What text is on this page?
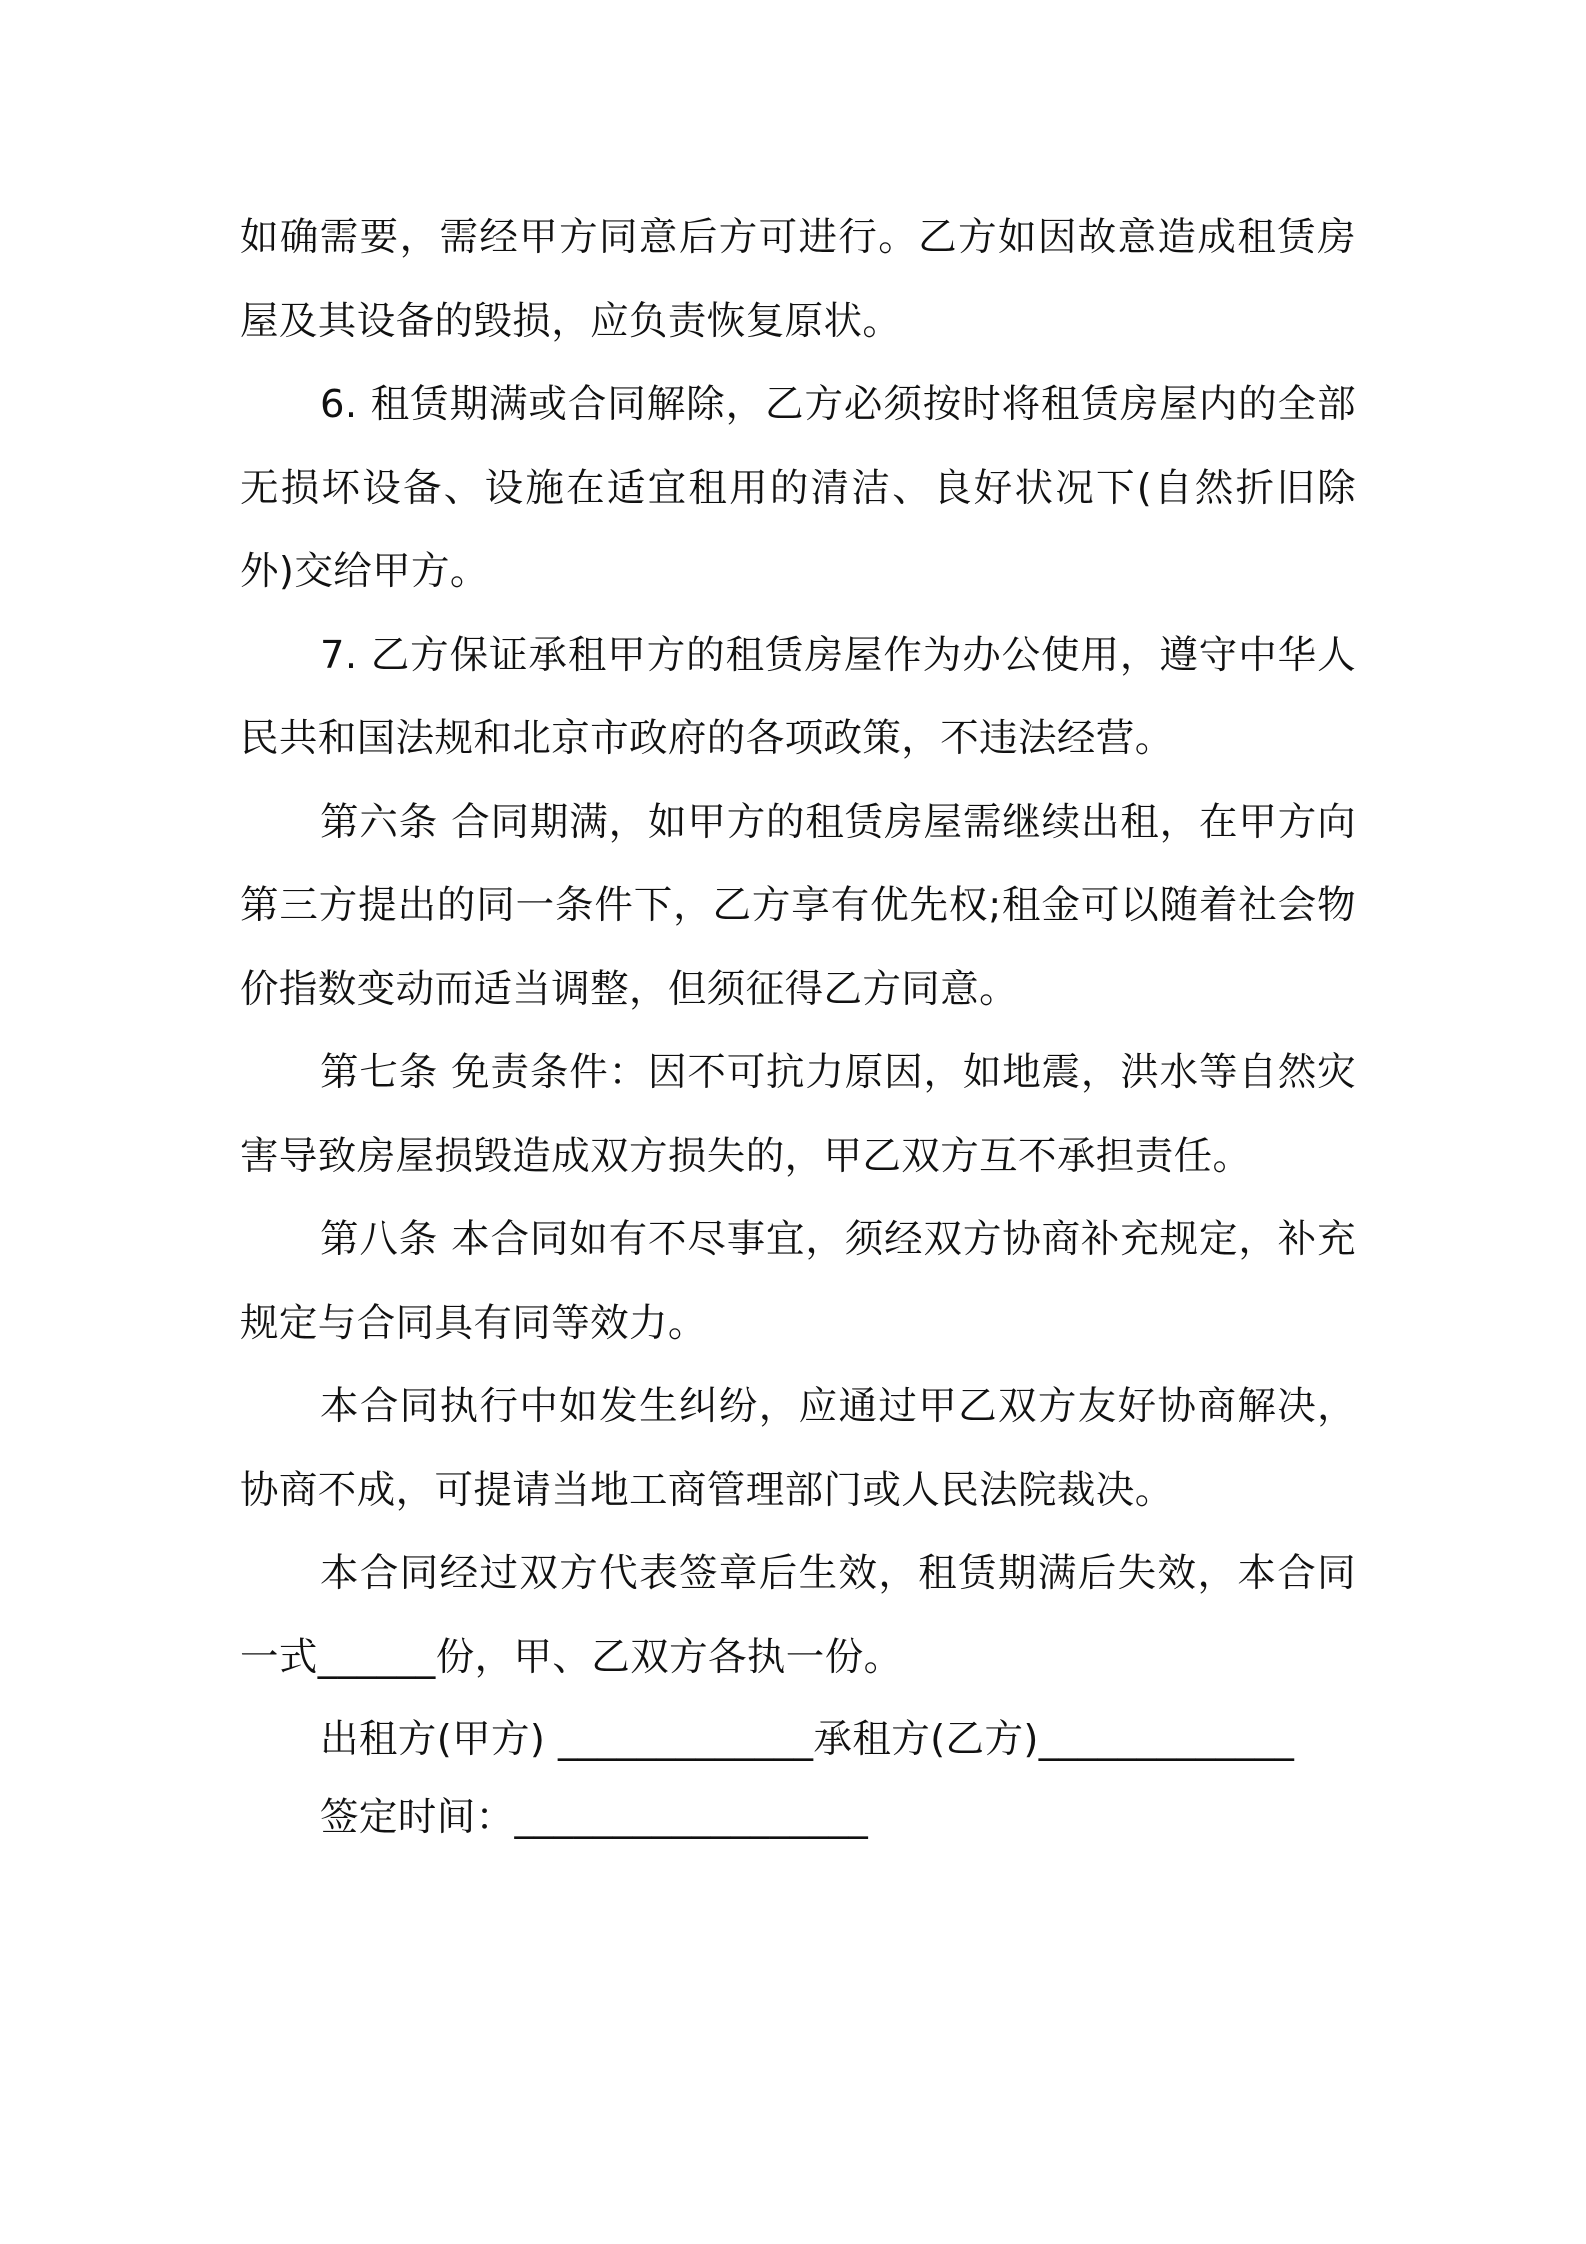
如确需要，需经甲方同意后方可进行。乙方如因故意造成租赁房屋及其设备的毁损，应负责恢复原状。

6. 租赁期满或合同解除，乙方必须按时将租赁房屋内的全部无损坏设备、设施在适宜租用的清洁、良好状况下(自然折旧除外)交给甲方。

7. 乙方保证承租甲方的租赁房屋作为办公使用，遵守中华人民共和国法规和北京市政府的各项政策，不违法经营。

第六条 合同期满，如甲方的租赁房屋需继续出租，在甲方向第三方提出的同一条件下，乙方享有优先权;租金可以随着社会物价指数变动而适当调整，但须征得乙方同意。

第七条 免责条件：因不可抗力原因，如地震，洪水等自然灾害导致房屋损毁造成双方损失的，甲乙双方互不承担责任。

第八条 本合同如有不尽事宜，须经双方协商补充规定，补充规定与合同具有同等效力。

本合同执行中如发生纠纷，应通过甲乙双方友好协商解决，协商不成，可提请当地工商管理部门或人民法院裁决。

本合同经过双方代表签章后生效，租赁期满后失效，本合同一式______份，甲、乙双方各执一份。

出租方(甲方) _____________承租方(乙方)_____________
签定时间：__________________
